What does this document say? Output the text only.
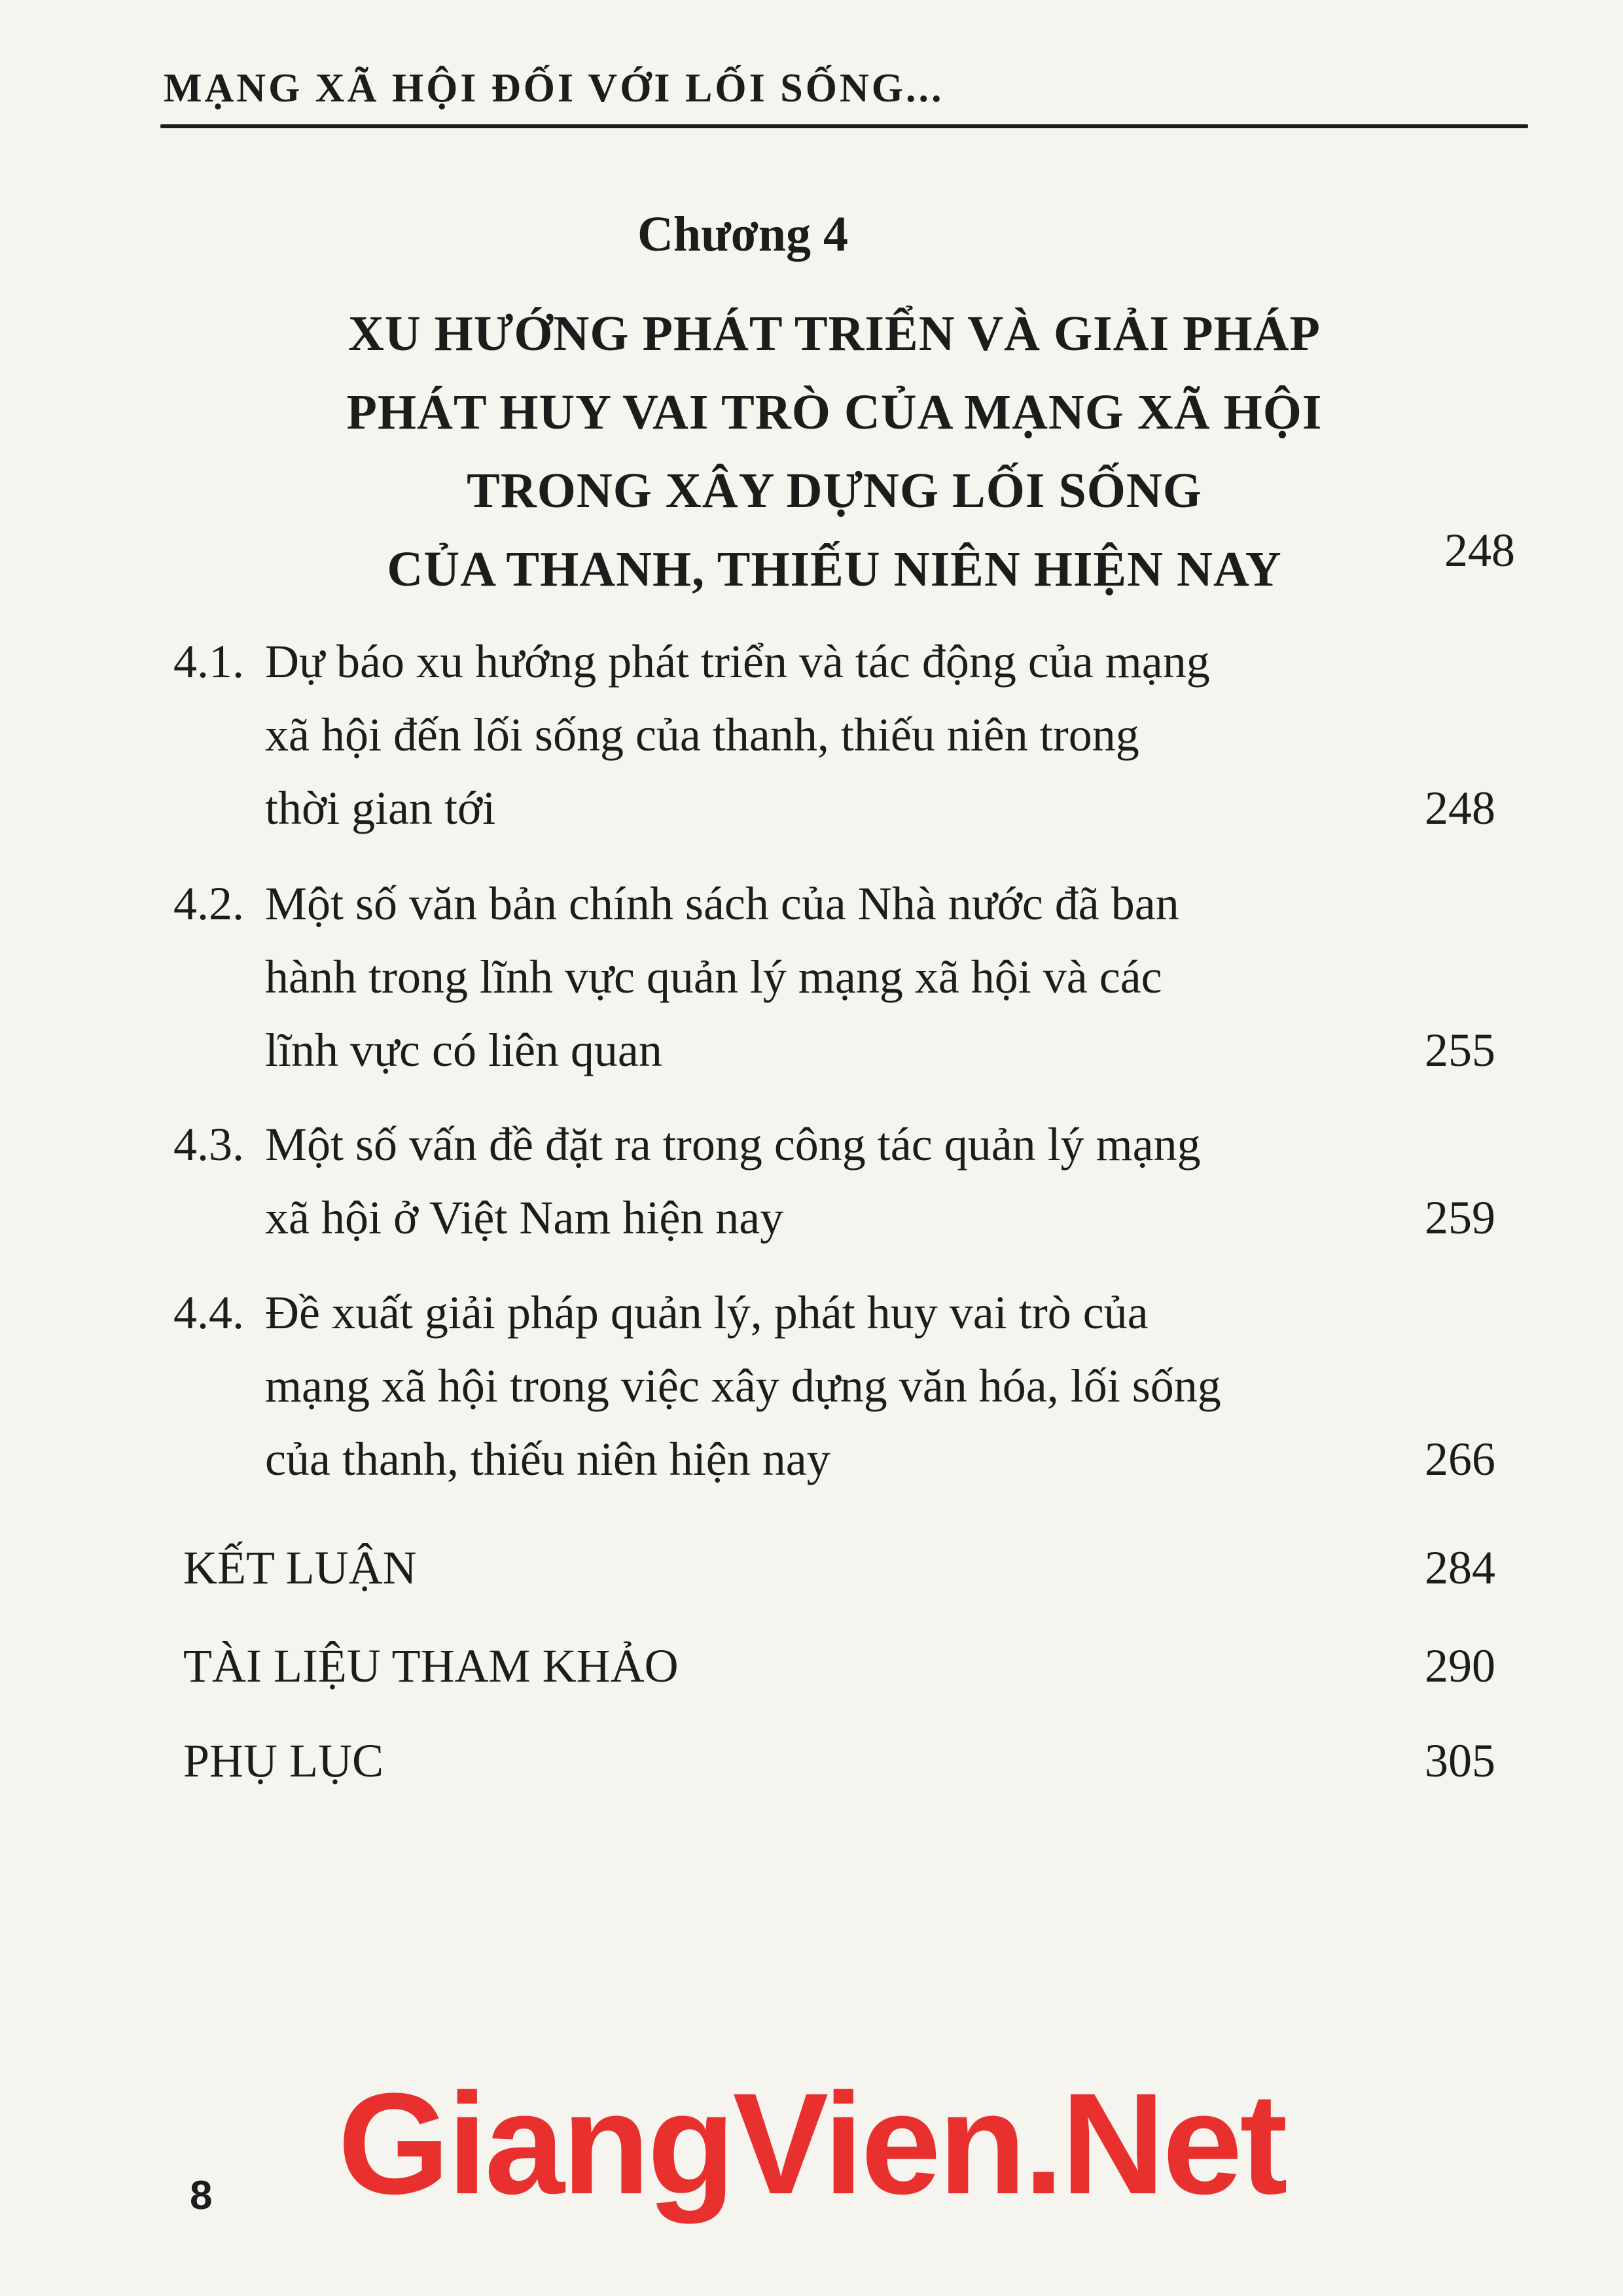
MẠNG XÃ HỘI ĐỐI VỚI LỐI SỐNG...
Chương 4
XU HƯỚNG PHÁT TRIỂN VÀ GIẢI PHÁP
PHÁT HUY VAI TRÒ CỦA MẠNG XÃ HỘI
TRONG XÂY DỰNG LỐI SỐNG
CỦA THANH, THIẾU NIÊN HIỆN NAY	248
4.1. Dự báo xu hướng phát triển và tác động của mạng
xã hội đến lối sống của thanh, thiếu niên trong
thời gian tới	248
4.2. Một số văn bản chính sách của Nhà nước đã ban
hành trong lĩnh vực quản lý mạng xã hội và các
lĩnh vực có liên quan	255
4.3. Một số vấn đề đặt ra trong công tác quản lý mạng
xã hội ở Việt Nam hiện nay	259
4.4. Đề xuất giải pháp quản lý, phát huy vai trò của
mạng xã hội trong việc xây dựng văn hóa, lối sống
của thanh, thiếu niên hiện nay	266
KẾT LUẬN	284
TÀI LIỆU THAM KHẢO	290
PHỤ LỤC	305
GiangVien.Net
8
